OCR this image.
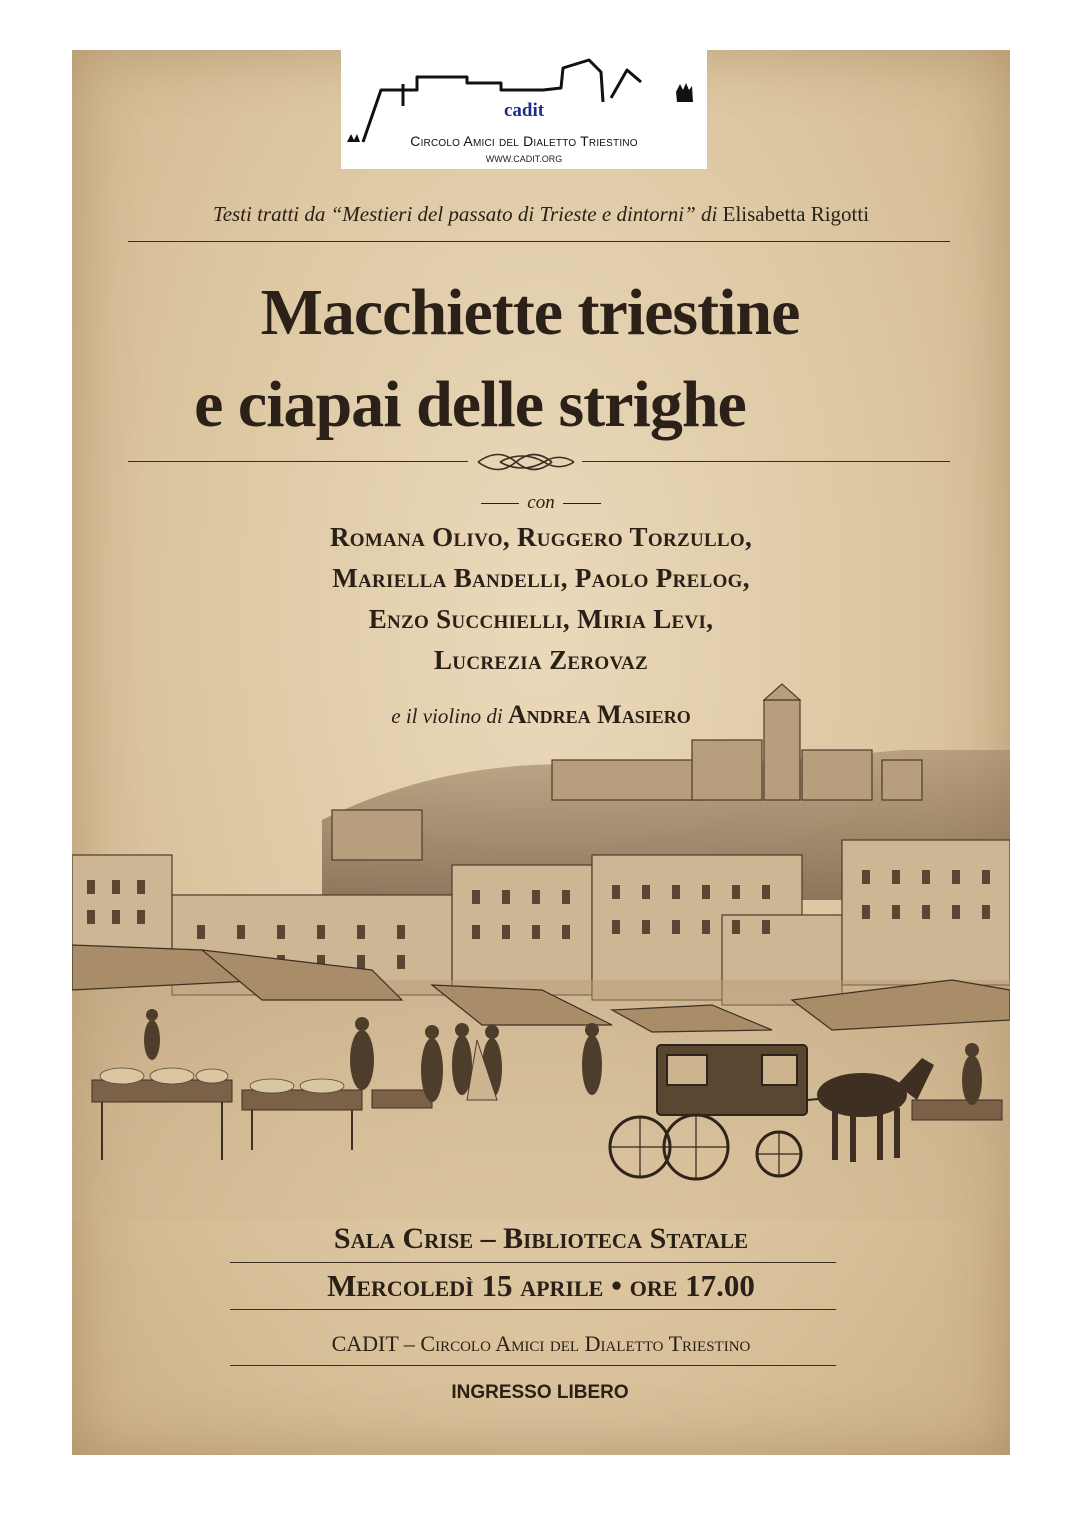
cadit
Circolo Amici del Dialetto Triestino
WWW.CADIT.ORG
Testi tratti da “Mestieri del passato di Trieste e dintorni” di Elisabetta Rigotti
Macchiette triestine
e ciapai delle strighe
con
Romana Olivo, Ruggero Torzullo,
Mariella Bandelli, Paolo Prelog,
Enzo Succhielli, Miria Levi,
Lucrezia Zerovaz
e il violino di Andrea Masiero
Sala Crise – Biblioteca Statale
Mercoledì 15 aprile • ore 17.00
CADIT – Circolo Amici del Dialetto Triestino
INGRESSO LIBERO
